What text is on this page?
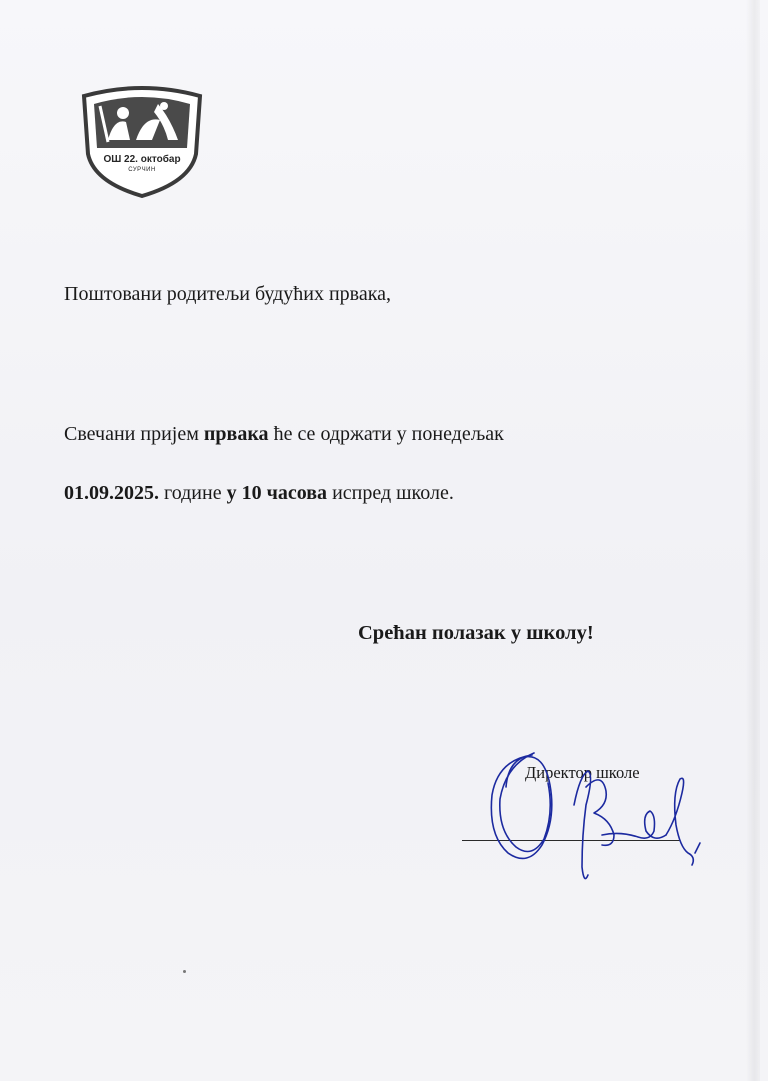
ОШ 22. октобар
СУРЧИН
Поштовани родитељи будућих првака,
Свечани пријем првака ће се одржати у понедељак
01.09.2025. године у 10 часова испред школе.
Срећан полазак у школу!
Директор школе
